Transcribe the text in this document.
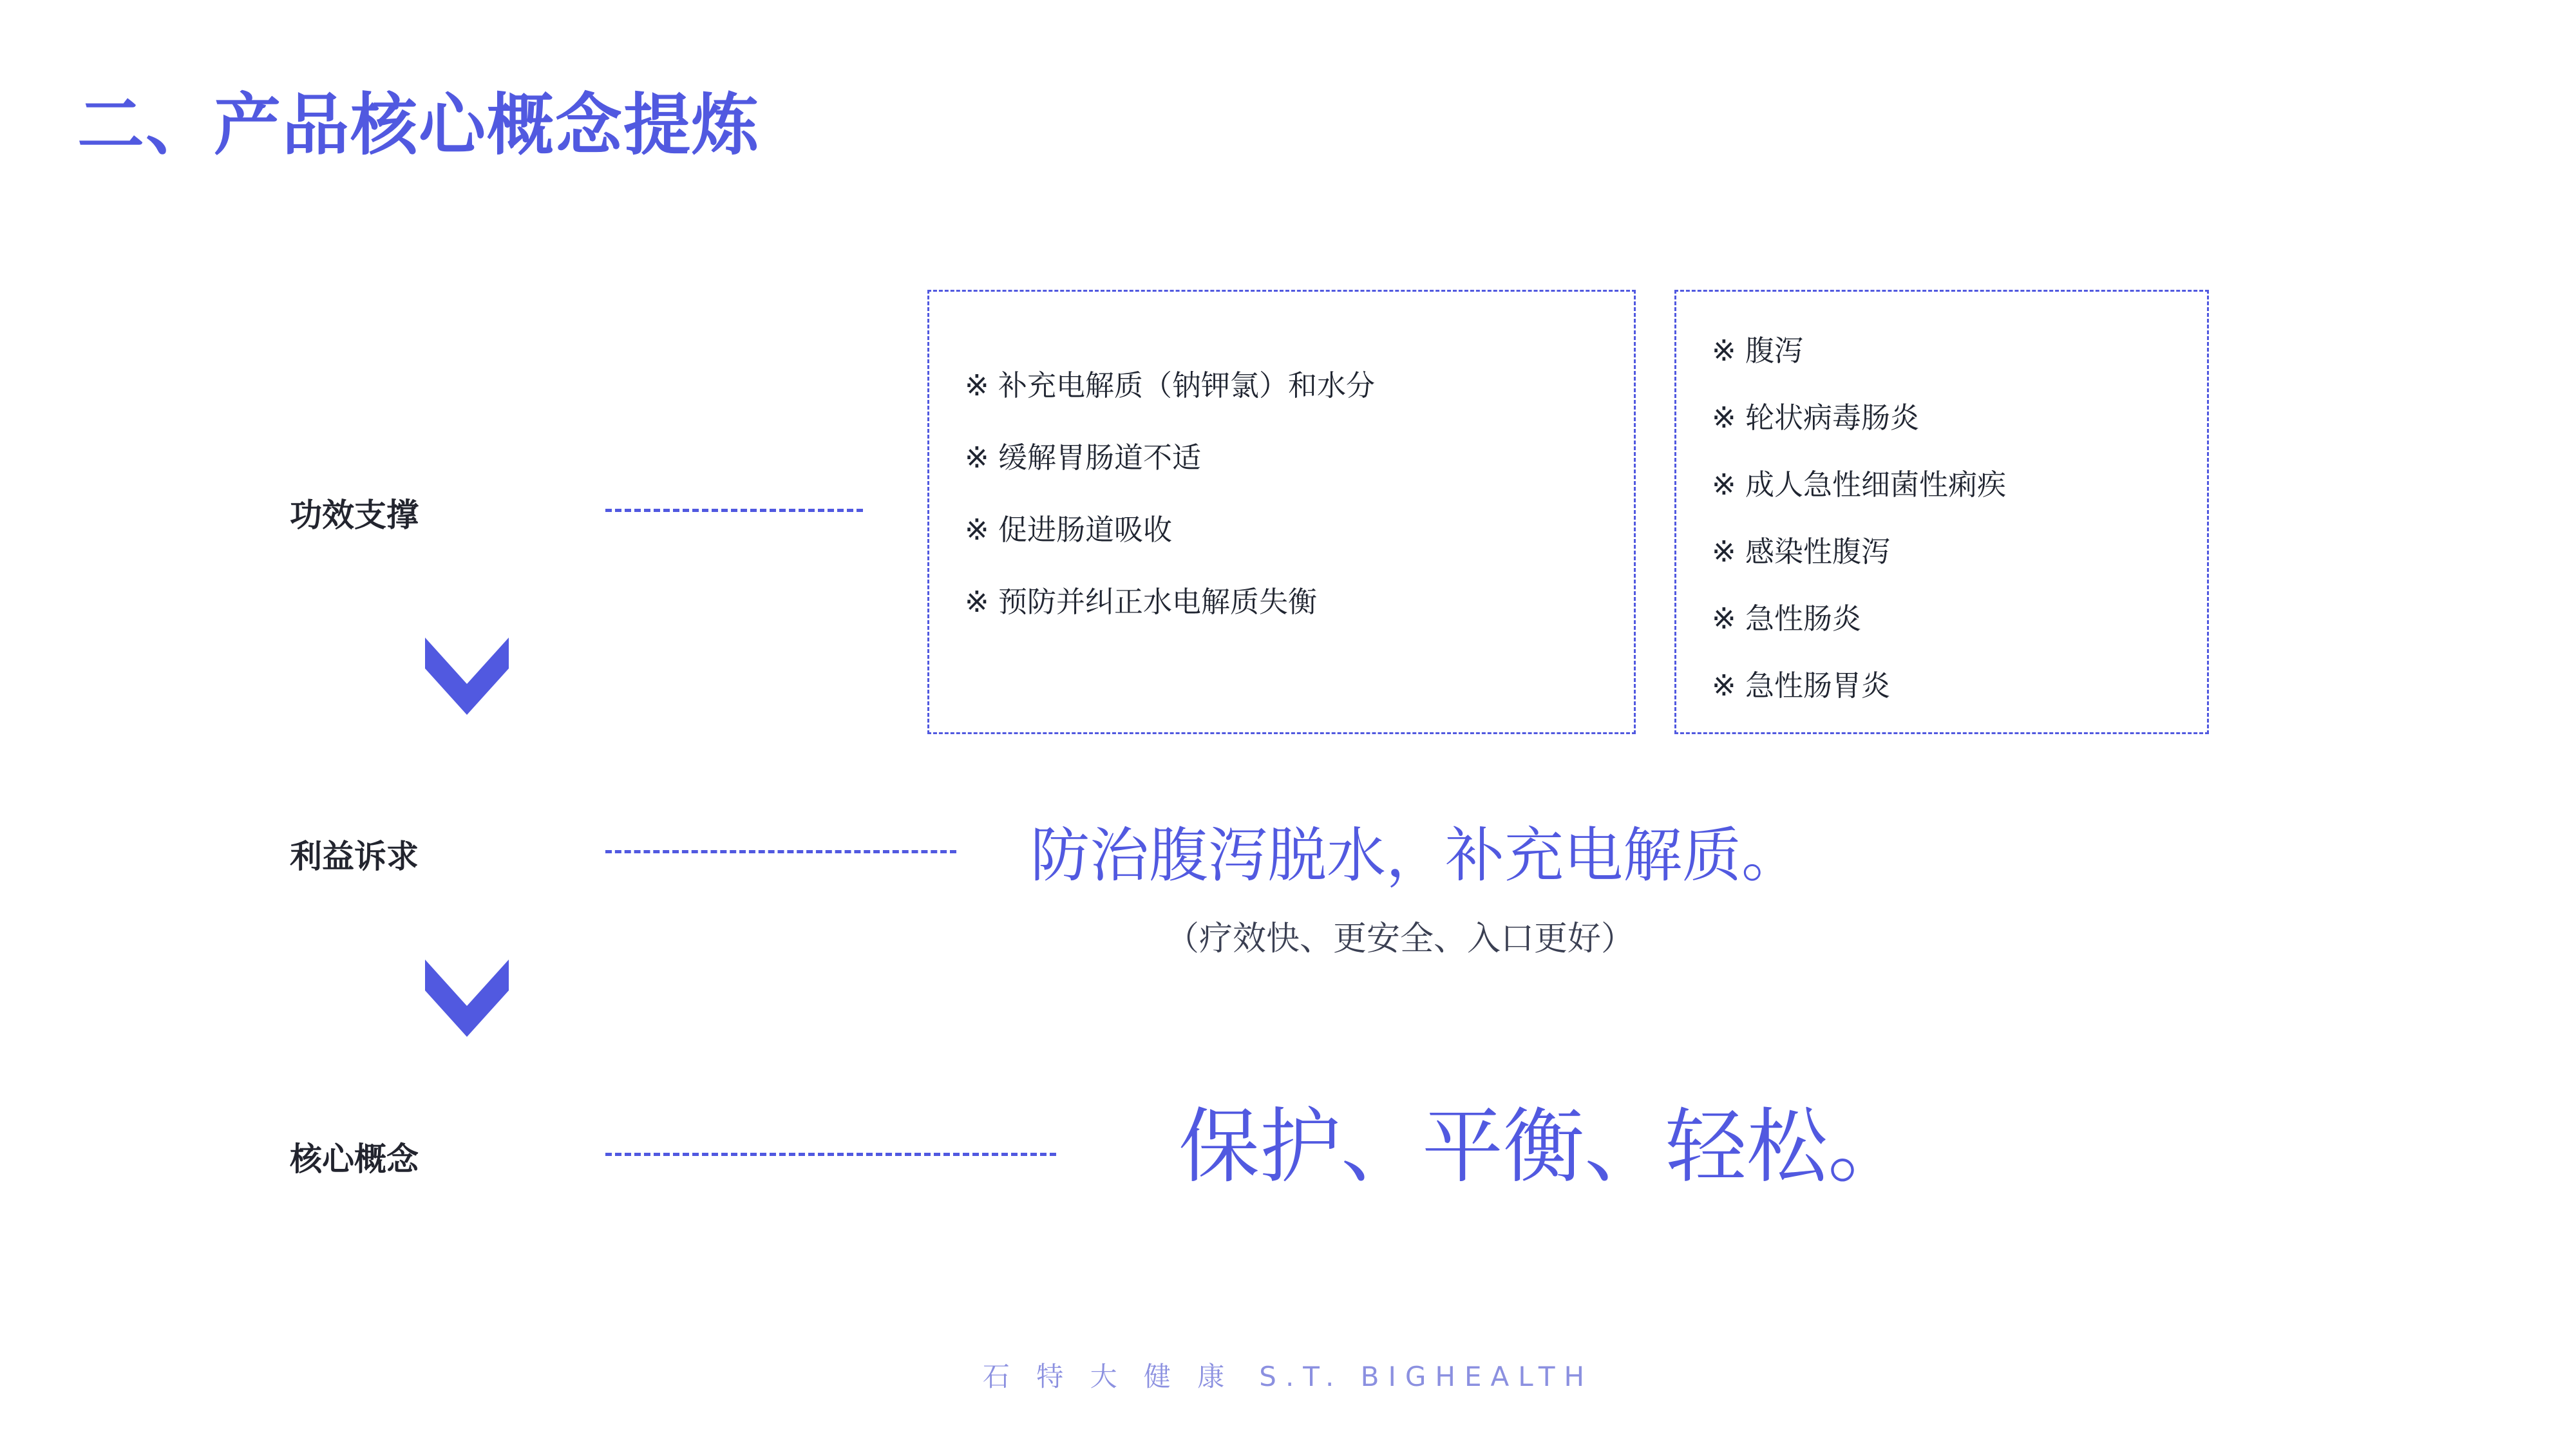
二、产品核心概念提炼
功效支撑
※ 补充电解质（钠钾氯）和水分
※ 缓解胃肠道不适
※ 促进肠道吸收
※ 预防并纠正水电解质失衡
※ 腹泻
※ 轮状病毒肠炎
※ 成人急性细菌性痢疾
※ 感染性腹泻
※ 急性肠炎
※ 急性肠胃炎
利益诉求	防治腹泻脱水，补充电解质。
（疗效快、更安全、入口更好）
核心概念	保护、平衡、轻松。
石 特 大 健 康 S.T. BIGHEALTH
